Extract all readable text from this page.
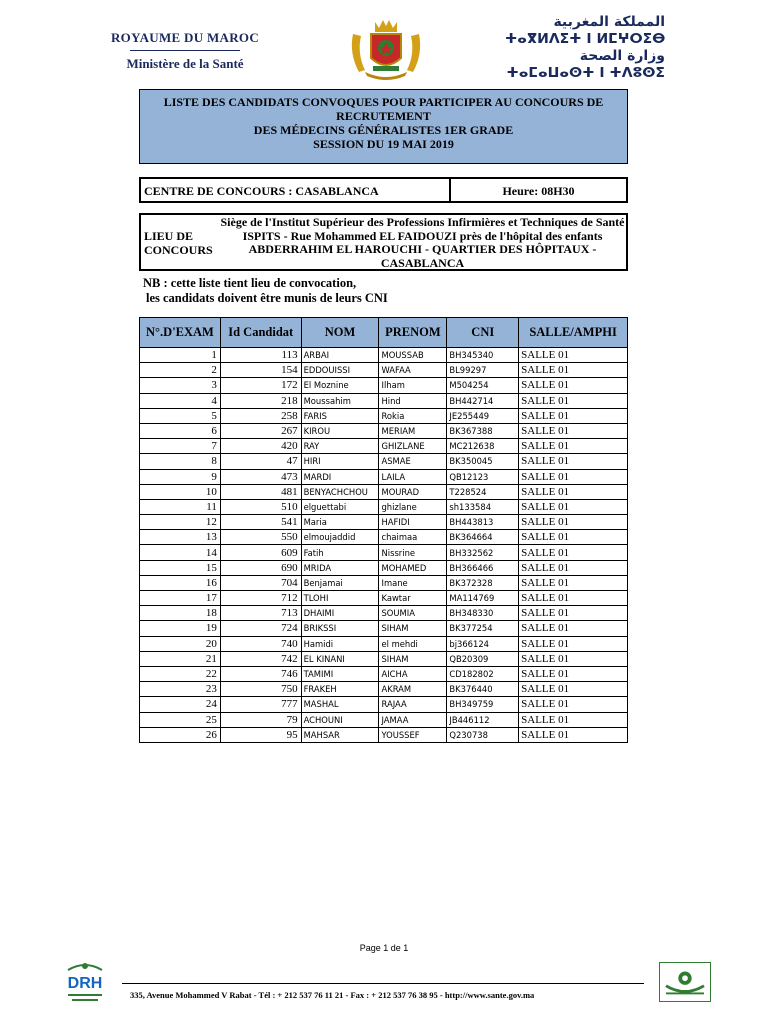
ROYAUME DU MAROC
Ministère de la Santé
المملكة المغربية
ⵜⴰⴳⵍⴷⵉⵜ ⵏ ⵍⵎⵖⵔⵉⴱ
وزارة الصحة
ⵜⴰⵎⴰⵡⴰⵙⵜ ⵏ ⵜⴷⵓⵙⵉ
LISTE DES CANDIDATS CONVOQUES POUR PARTICIPER AU CONCOURS DE
RECRUTEMENT
DES MÉDECINS GÉNÉRALISTES 1ER GRADE
SESSION DU 19 MAI 2019
CENTRE DE CONCOURS : CASABLANCA	Heure: 08H30
LIEU DE
CONCOURS
Siège de l'Institut Supérieur des Professions Infirmières et Techniques de Santé ISPITS - Rue Mohammed EL FAIDOUZI près de l'hôpital des enfants ABDERRAHIM EL HAROUCHI - QUARTIER DES HÔPITAUX - CASABLANCA
NB : cette liste tient lieu de convocation,
les candidats doivent être munis de leurs CNI
N°.D'EXAM	Id Candidat	NOM	PRENOM	CNI	SALLE/AMPHI
1	113	ARBAI	MOUSSAB	BH345340	SALLE 01
2	154	EDDOUISSI	WAFAA	BL99297	SALLE 01
3	172	El Moznine	Ilham	M504254	SALLE 01
4	218	Moussahim	Hind	BH442714	SALLE 01
5	258	FARIS	Rokia	JE255449	SALLE 01
6	267	KIROU	MERIAM	BK367388	SALLE 01
7	420	RAY	GHIZLANE	MC212638	SALLE 01
8	47	HIRI	ASMAE	BK350045	SALLE 01
9	473	MARDI	LAILA	QB12123	SALLE 01
10	481	BENYACHCHOU	MOURAD	T228524	SALLE 01
11	510	elguettabi	ghizlane	sh133584	SALLE 01
12	541	Maria	HAFIDI	BH443813	SALLE 01
13	550	elmoujaddid	chaimaa	BK364664	SALLE 01
14	609	Fatih	Nissrine	BH332562	SALLE 01
15	690	MRIDA	MOHAMED	BH366466	SALLE 01
16	704	Benjamai	Imane	BK372328	SALLE 01
17	712	TLOHI	Kawtar	MA114769	SALLE 01
18	713	DHAIMI	SOUMIA	BH348330	SALLE 01
19	724	BRIKSSI	SIHAM	BK377254	SALLE 01
20	740	Hamidi	el mehdi	bj366124	SALLE 01
21	742	EL KINANI	SIHAM	QB20309	SALLE 01
22	746	TAMIMI	AICHA	CD182802	SALLE 01
23	750	FRAKEH	AKRAM	BK376440	SALLE 01
24	777	MASHAL	RAJAA	BH349759	SALLE 01
25	79	ACHOUNI	JAMAA	JB446112	SALLE 01
26	95	MAHSAR	YOUSSEF	Q230738	SALLE 01
Page 1 de 1
DRH
335, Avenue Mohammed V Rabat - Tél : + 212 537 76 11 21 - Fax : + 212 537 76 38 95 - http://www.sante.gov.ma
